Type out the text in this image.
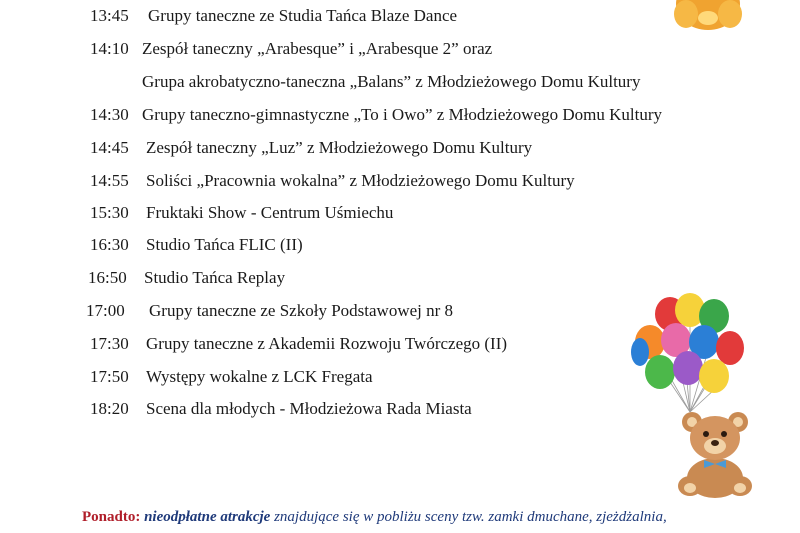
13:45 Grupy taneczne ze Studia Tańca Blaze Dance
14:10 Zespół taneczny „Arabesque” i „Arabesque 2” oraz
Grupa akrobatyczno-taneczna „Balans” z Młodzieżowego Domu Kultury
14:30 Grupy taneczno-gimnastyczne „To i Owo” z Młodzieżowego Domu Kultury
14:45 Zespół taneczny „Luz” z Młodzieżowego Domu Kultury
14:55 Soliści „Pracownia wokalna” z Młodzieżowego Domu Kultury
15:30 Fruktaki Show - Centrum Uśmiechu
16:30 Studio Tańca FLIC (II)
16:50 Studio Tańca Replay
17:00 Grupy taneczne ze Szkoły Podstawowej nr 8
17:30 Grupy taneczne z Akademii Rozwoju Twórczego (II)
17:50 Występy wokalne z LCK Fregata
18:20 Scena dla młodych - Młodzieżowa Rada Miasta
Ponadto: nieodpłatne atrakcje znajdujące się w pobliżu sceny tzw. zamki dmuchane, zjeżdżalnia,
